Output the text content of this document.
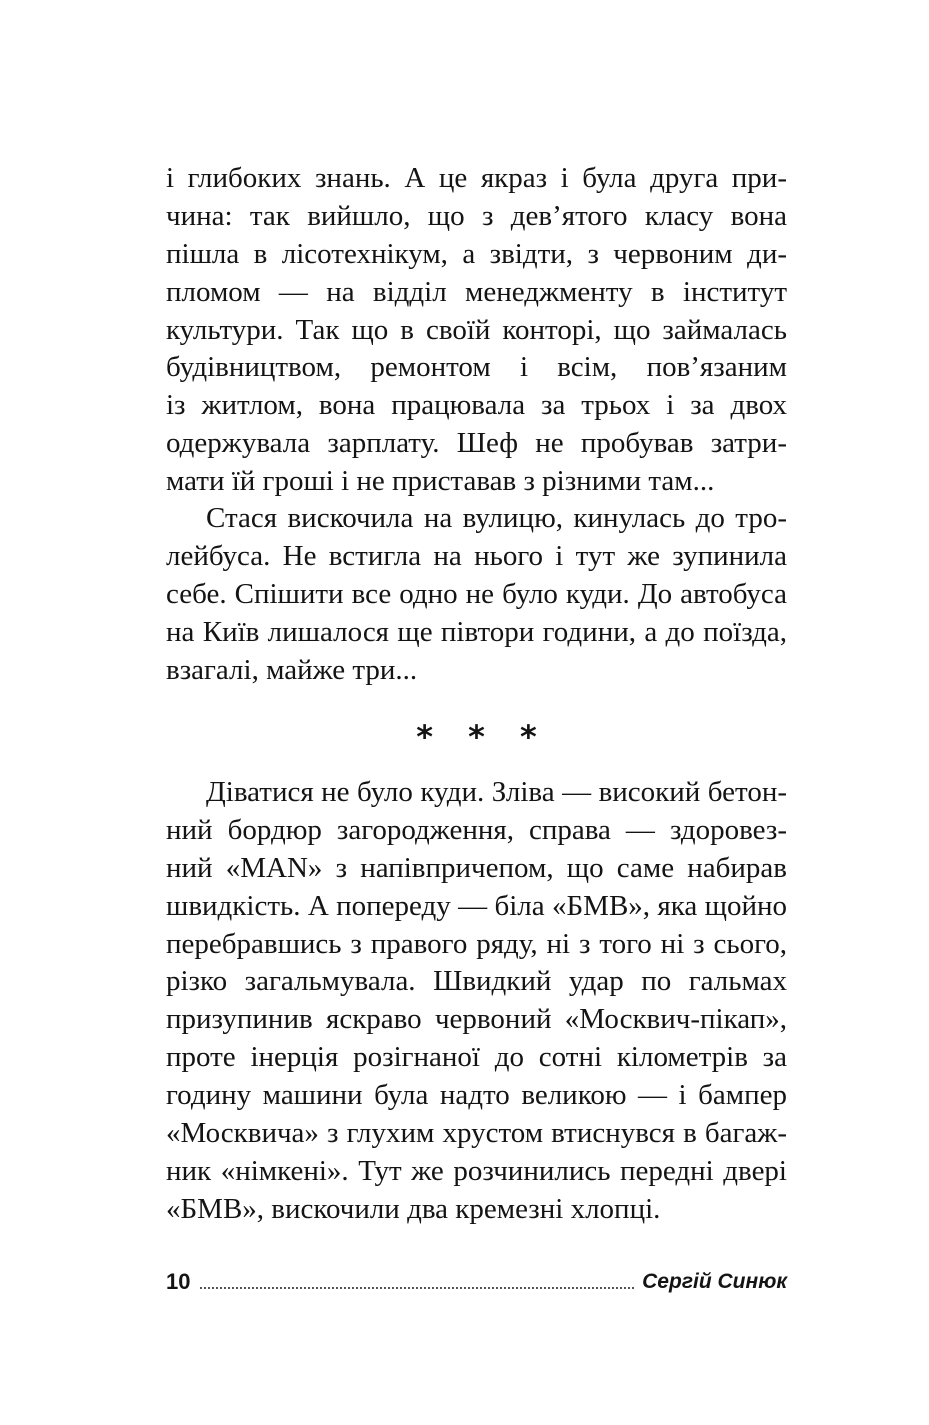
і глибоких знань. А це якраз і була друга при-
чина: так вийшло, що з дев’ятого класу вона
пішла в лісотехнікум, а звідти, з червоним ди-
пломом — на відділ менеджменту в інститут
культури. Так що в своїй конторі, що займалась
будівництвом, ремонтом і всім, пов’язаним
із житлом, вона працювала за трьох і за двох
одержувала зарплату. Шеф не пробував затри-
мати їй гроші і не приставав з різними там...
Стася вискочила на вулицю, кинулась до тро-
лейбуса. Не встигла на нього і тут же зупинила
себе. Спішити все одно не було куди. До автобуса
на Київ лишалося ще півтори години, а до поїзда,
взагалі, майже три...
* * *
Діватися не було куди. Зліва — високий бетон-
ний бордюр загородження, справа — здоровез-
ний «MAN» з напівпричепом, що саме набирав
швидкість. А попереду — біла «БМВ», яка щойно
перебравшись з правого ряду, ні з того ні з сього,
різко загальмувала. Швидкий удар по гальмах
призупинив яскраво червоний «Москвич-пікап»,
проте інерція розігнаної до сотні кілометрів за
годину машини була надто великою — і бампер
«Москвича» з глухим хрустом втиснувся в багаж-
ник «німкені». Тут же розчинились передні двері
«БМВ», вискочили два кремезні хлопці.
10	Сергій Синюк
